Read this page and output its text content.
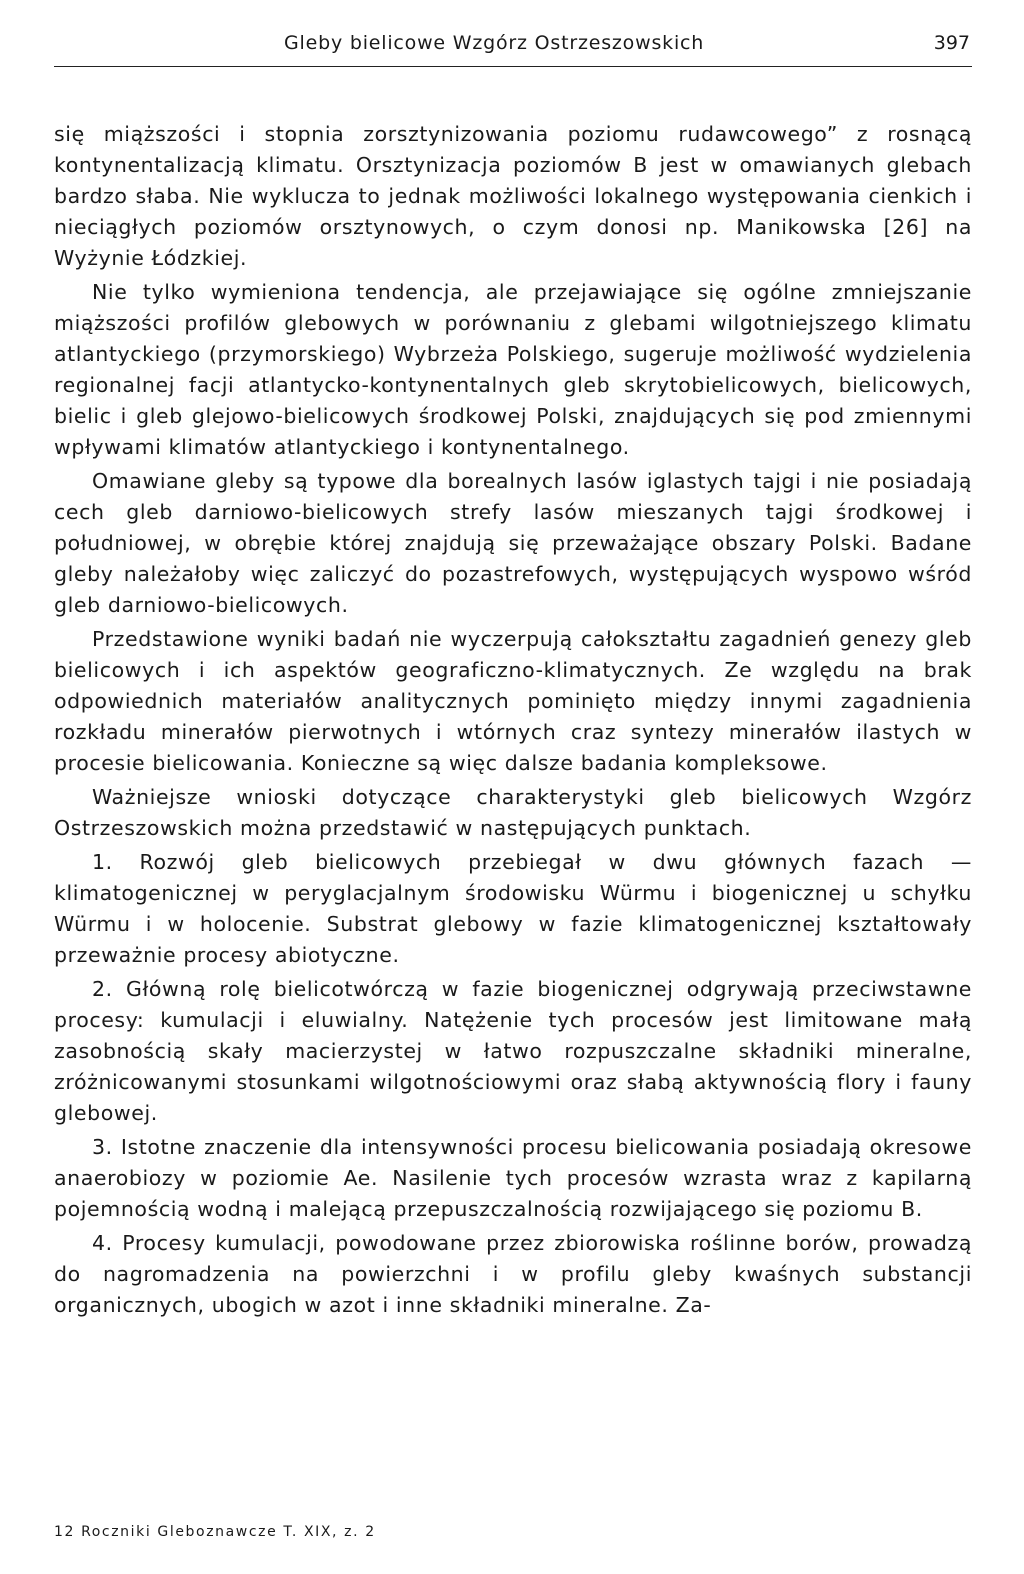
Gleby bielicowe Wzgórz Ostrzeszowskich	397

się miąższości i stopnia zorsztynizowania poziomu rudawcowego” z rosnącą kontynentalizacją klimatu. Orsztynizacja poziomów B jest w omawianych glebach bardzo słaba. Nie wyklucza to jednak możliwości lokalnego występowania cienkich i nieciągłych poziomów orsztynowych, o czym donosi np. Manikowska [26] na Wyżynie Łódzkiej.

Nie tylko wymieniona tendencja, ale przejawiające się ogólne zmniejszanie miąższości profilów glebowych w porównaniu z glebami wilgotniejszego klimatu atlantyckiego (przymorskiego) Wybrzeża Polskiego, sugeruje możliwość wydzielenia regionalnej facji atlantycko-kontynentalnych gleb skrytobielicowych, bielicowych, bielic i gleb glejowo-bielicowych środkowej Polski, znajdujących się pod zmiennymi wpływami klimatów atlantyckiego i kontynentalnego.

Omawiane gleby są typowe dla borealnych lasów iglastych tajgi i nie posiadają cech gleb darniowo-bielicowych strefy lasów mieszanych tajgi środkowej i południowej, w obrębie której znajdują się przeważające obszary Polski. Badane gleby należałoby więc zaliczyć do pozastrefowych, występujących wyspowo wśród gleb darniowo-bielicowych.

Przedstawione wyniki badań nie wyczerpują całokształtu zagadnień genezy gleb bielicowych i ich aspektów geograficzno-klimatycznych. Ze względu na brak odpowiednich materiałów analitycznych pominięto między innymi zagadnienia rozkładu minerałów pierwotnych i wtórnych craz syntezy minerałów ilastych w procesie bielicowania. Konieczne są więc dalsze badania kompleksowe.

Ważniejsze wnioski dotyczące charakterystyki gleb bielicowych Wzgórz Ostrzeszowskich można przedstawić w następujących punktach.

1. Rozwój gleb bielicowych przebiegał w dwu głównych fazach — klimatogenicznej w peryglacjalnym środowisku Würmu i biogenicznej u schyłku Würmu i w holocenie. Substrat glebowy w fazie klimatogenicznej kształtowały przeważnie procesy abiotyczne.

2. Główną rolę bielicotwórczą w fazie biogenicznej odgrywają przeciwstawne procesy: kumulacji i eluwialny. Natężenie tych procesów jest limitowane małą zasobnością skały macierzystej w łatwo rozpuszczalne składniki mineralne, zróżnicowanymi stosunkami wilgotnościowymi oraz słabą aktywnością flory i fauny glebowej.

3. Istotne znaczenie dla intensywności procesu bielicowania posiadają okresowe anaerobiozy w poziomie Ae. Nasilenie tych procesów wzrasta wraz z kapilarną pojemnością wodną i malejącą przepuszczalnością rozwijającego się poziomu B.

4. Procesy kumulacji, powodowane przez zbiorowiska roślinne borów, prowadzą do nagromadzenia na powierzchni i w profilu gleby kwaśnych substancji organicznych, ubogich w azot i inne składniki mineralne. Za-

12 Roczniki Gleboznawcze T. XIX, z. 2
